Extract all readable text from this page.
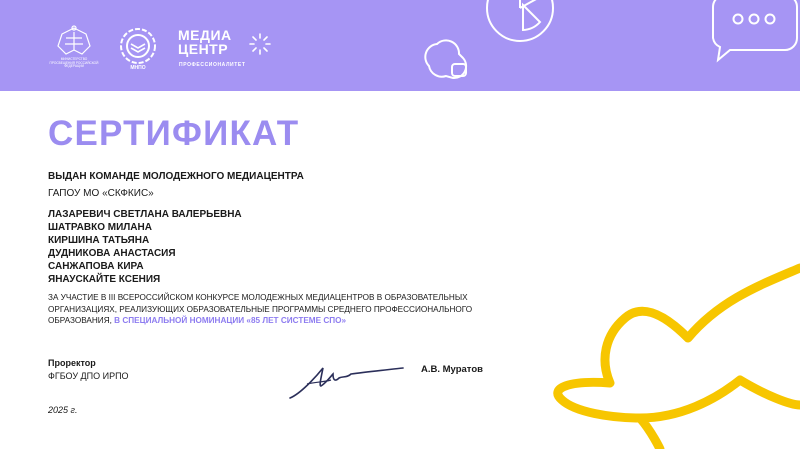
МИНИСТЕРСТВО ПРОСВЕЩЕНИЯ РОССИЙСКОЙ ФЕДЕРАЦИИ	МНПО
МЕДИА
ЦЕНТР
ПРОФЕССИОНАЛИТЕТ
СЕРТИФИКАТ
ВЫДАН КОМАНДЕ МОЛОДЕЖНОГО МЕДИАЦЕНТРА
ГАПОУ МО «СКФКИС»
ЛАЗАРЕВИЧ СВЕТЛАНА ВАЛЕРЬЕВНА
ШАТРАВКО МИЛАНА
КИРШИНА ТАТЬЯНА
ДУДНИКОВА АНАСТАСИЯ
САНЖАПОВА КИРА
ЯНАУСКАЙТЕ КСЕНИЯ

ЗА УЧАСТИЕ В III ВСЕРОССИЙСКОМ КОНКУРСЕ МОЛОДЕЖНЫХ МЕДИАЦЕНТРОВ В ОБРАЗОВАТЕЛЬНЫХ
ОРГАНИЗАЦИЯХ, РЕАЛИЗУЮЩИХ ОБРАЗОВАТЕЛЬНЫЕ ПРОГРАММЫ СРЕДНЕГО ПРОФЕССИОНАЛЬНОГО
ОБРАЗОВАНИЯ, В СПЕЦИАЛЬНОЙ НОМИНАЦИИ «85 ЛЕТ СИСТЕМЕ СПО»

Проректор
ФГБОУ ДПО ИРПО
А.В. Муратов
2025 г.
